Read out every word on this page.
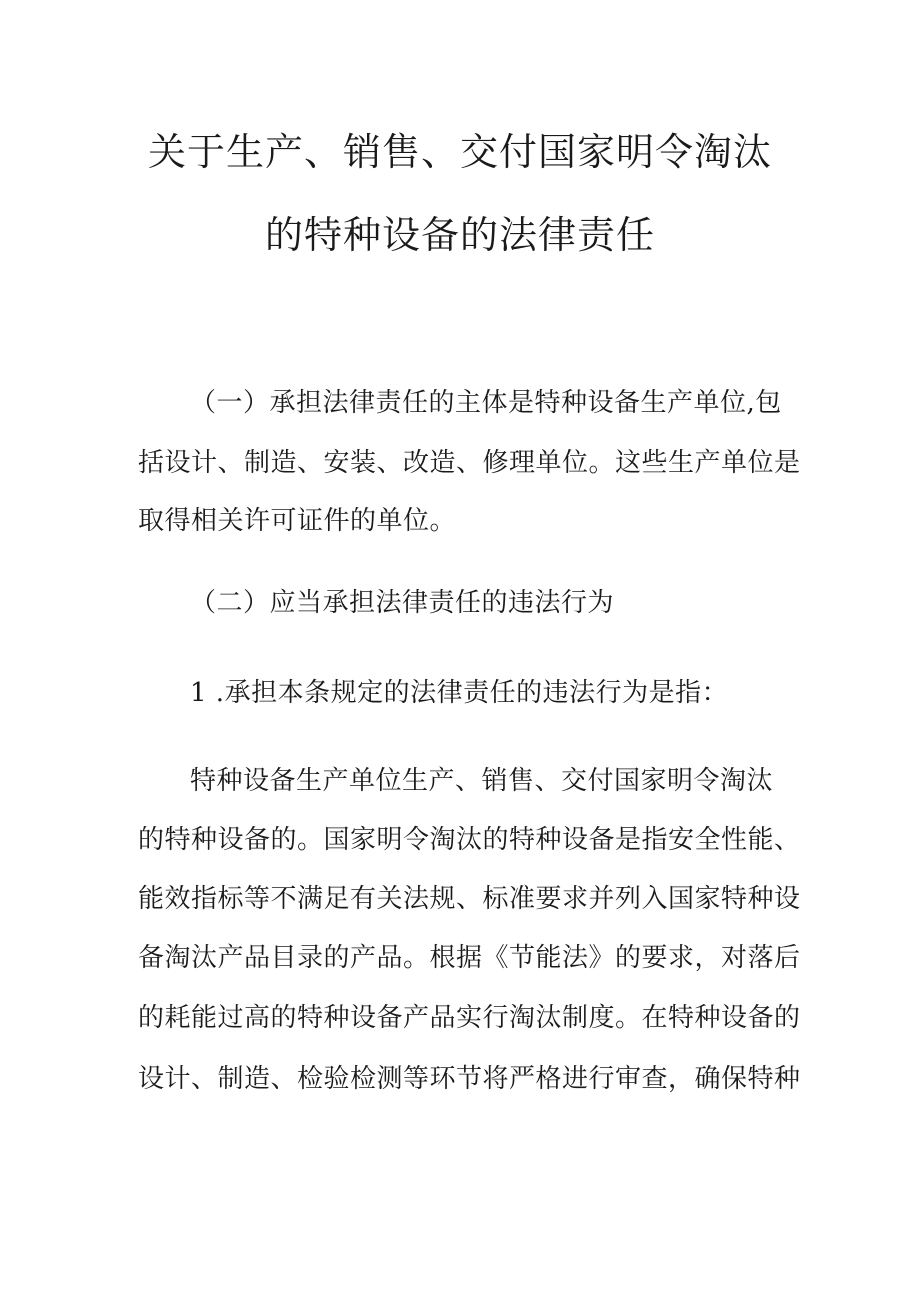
关于生产、销售、交付国家明令淘汰
的特种设备的法律责任
（一）承担法律责任的主体是特种设备生产单位,包
括设计、制造、安装、改造、修理单位。这些生产单位是
取得相关许可证件的单位。
（二）应当承担法律责任的违法行为
1 .承担本条规定的法律责任的违法行为是指：
特种设备生产单位生产、销售、交付国家明令淘汰
的特种设备的。国家明令淘汰的特种设备是指安全性能、
能效指标等不满足有关法规、标准要求并列入国家特种设
备淘汰产品目录的产品。根据《节能法》的要求，对落后
的耗能过高的特种设备产品实行淘汰制度。在特种设备的
设计、制造、检验检测等环节将严格进行审查，确保特种
